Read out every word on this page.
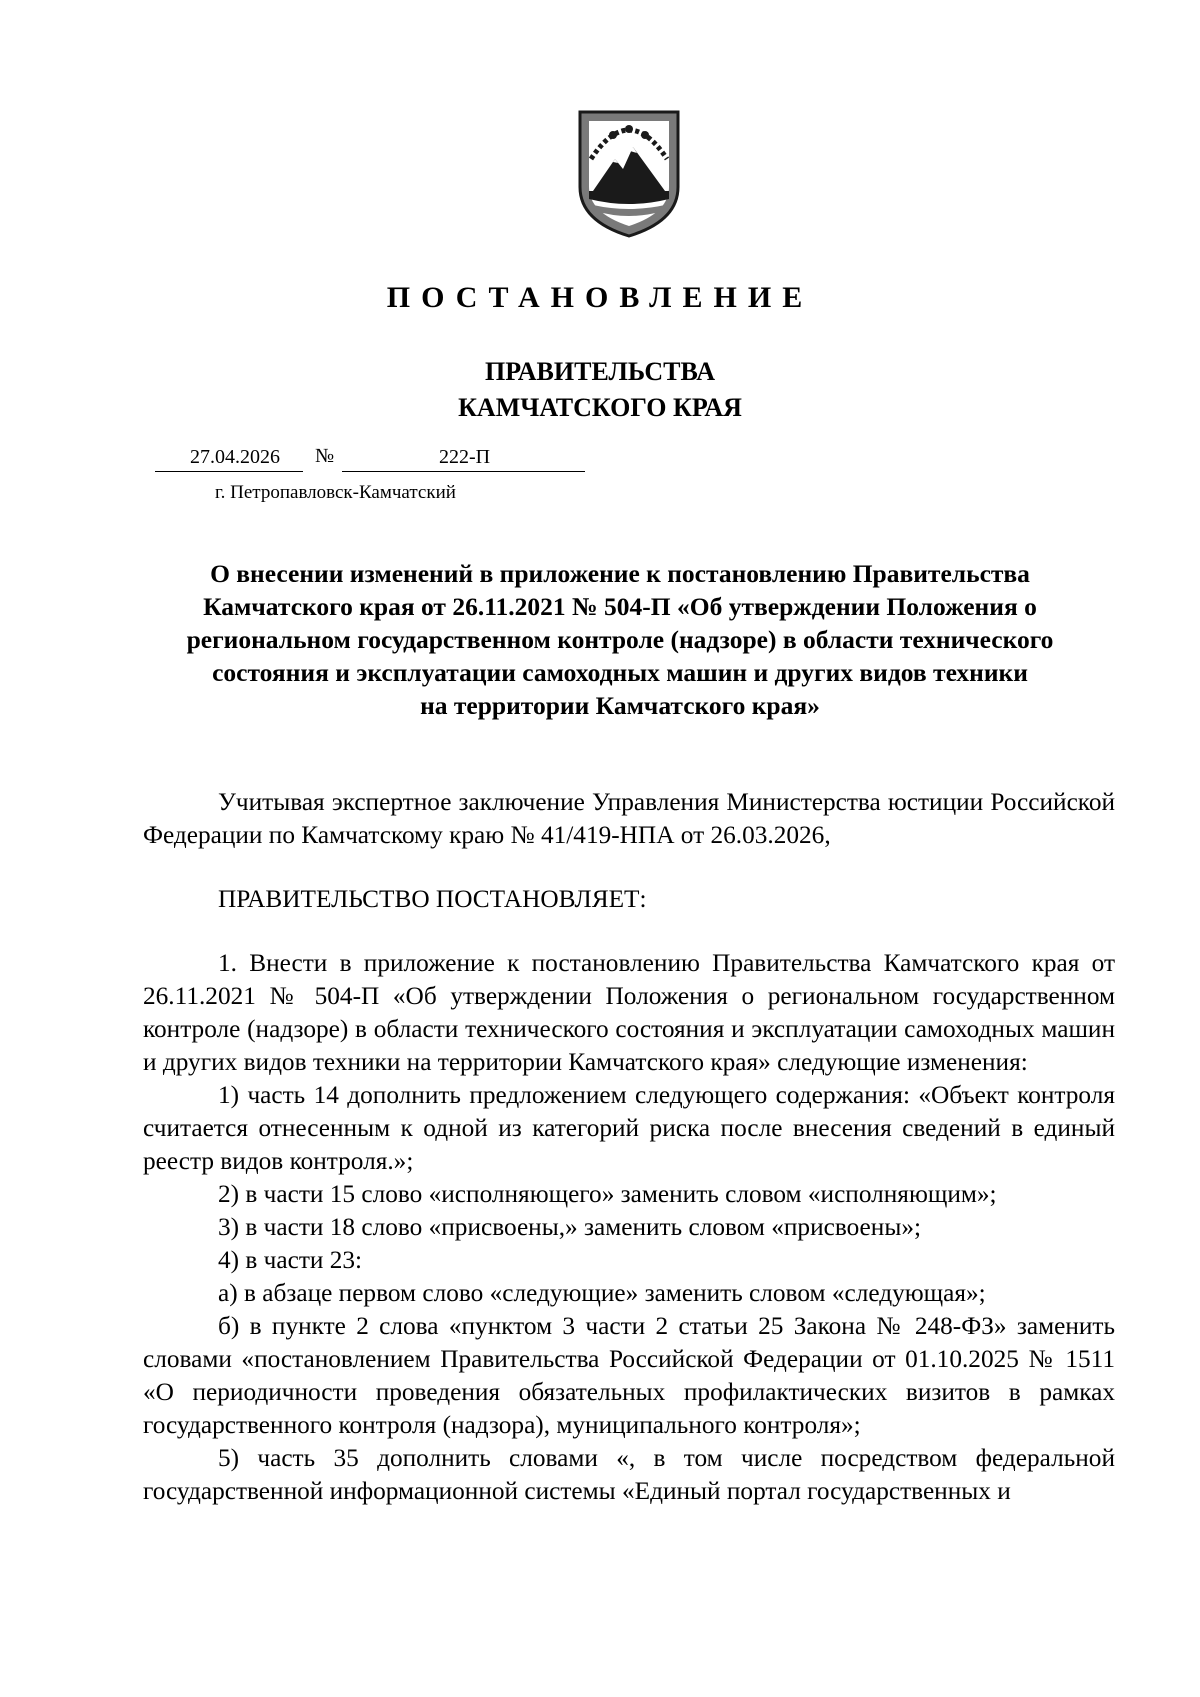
ПОСТАНОВЛЕНИЕ
ПРАВИТЕЛЬСТВА
КАМЧАТСКОГО КРАЯ
27.04.2026 №	222-П
г. Петропавловск-Камчатский
О внесении изменений в приложение к постановлению Правительства
Камчатского края от 26.11.2021 № 504-П «Об утверждении Положения о
региональном государственном контроле (надзоре) в области технического
состояния и эксплуатации самоходных машин и других видов техники
на территории Камчатского края»

Учитывая экспертное заключение Управления Министерства юстиции Российской Федерации по Камчатскому краю № 41/419-НПА от 26.03.2026,

ПРАВИТЕЛЬСТВО ПОСТАНОВЛЯЕТ:

1. Внести в приложение к постановлению Правительства Камчатского края от 26.11.2021 № 504-П «Об утверждении Положения о региональном государственном контроле (надзоре) в области технического состояния и эксплуатации самоходных машин и других видов техники на территории Камчатского края» следующие изменения:

1) часть 14 дополнить предложением следующего содержания: «Объект контроля считается отнесенным к одной из категорий риска после внесения сведений в единый реестр видов контроля.»;

2) в части 15 слово «исполняющего» заменить словом «исполняющим»;

3) в части 18 слово «присвоены,» заменить словом «присвоены»;

4) в части 23:

а) в абзаце первом слово «следующие» заменить словом «следующая»;

б) в пункте 2 слова «пунктом 3 части 2 статьи 25 Закона № 248-ФЗ» заменить словами «постановлением Правительства Российской Федерации от 01.10.2025 № 1511 «О периодичности проведения обязательных профилактических визитов в рамках государственного контроля (надзора), муниципального контроля»;

5) часть 35 дополнить словами «, в том числе посредством федеральной государственной информационной системы «Единый портал государственных и
